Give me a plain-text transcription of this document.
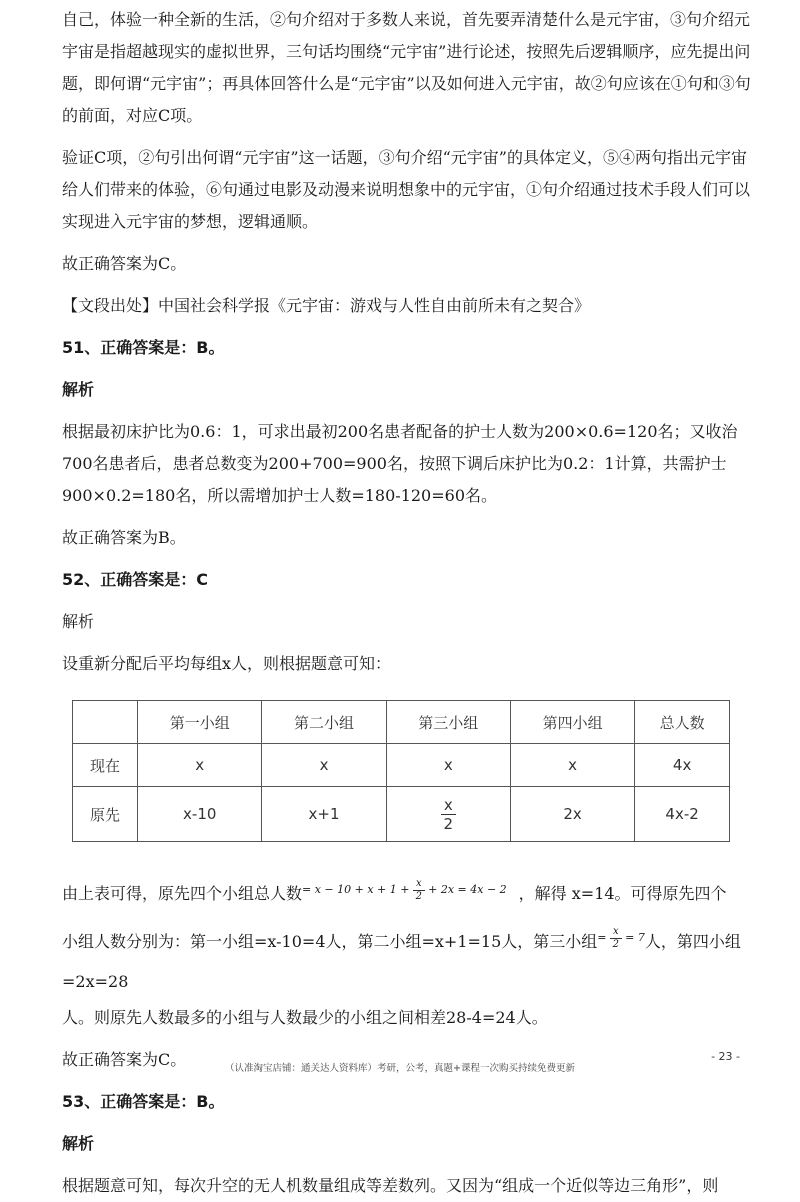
自己，体验一种全新的生活，②句介绍对于多数人来说，首先要弄清楚什么是元宇宙，③句介绍元宇宙是指超越现实的虚拟世界，三句话均围绕“元宇宙”进行论述，按照先后逻辑顺序，应先提出问题，即何谓“元宇宙”；再具体回答什么是“元宇宙”以及如何进入元宇宙，故②句应该在①句和③句的前面，对应C项。

验证C项，②句引出何谓“元宇宙”这一话题，③句介绍“元宇宙”的具体定义，⑤④两句指出元宇宙给人们带来的体验，⑥句通过电影及动漫来说明想象中的元宇宙，①句介绍通过技术手段人们可以实现进入元宇宙的梦想，逻辑通顺。

故正确答案为C。

【文段出处】中国社会科学报《元宇宙：游戏与人性自由前所未有之契合》

51、正确答案是：B。

解析

根据最初床护比为0.6：1，可求出最初200名患者配备的护士人数为200×0.6=120名；又收治700名患者后，患者总数变为200+700=900名，按照下调后床护比为0.2：1计算，共需护士900×0.2=180名，所以需增加护士人数=180-120=60名。

故正确答案为B。

52、正确答案是：C

解析

设重新分配后平均每组x人，则根据题意可知：

	第一小组	第二小组	第三小组	第四小组	总人数
现在	x	x	x	x	4x
原先	x-10	x+1	$\frac{x}{2}$	2x	4x-2

由上表可得，原先四个小组总人数$^{= x - 10 + x + 1 + \frac{x}{2} + 2x = 4x - 2}$ ，解得 x=14。可得原先四个

小组人数分别为：第一小组=x-10=4人，第二小组=x+1=15人，第三小组$^{= \frac{x}{2} = 7}$人，第四小组=2x=28

人。则原先人数最多的小组与人数最少的小组之间相差28-4=24人。

故正确答案为C。

53、正确答案是：B。

解析

根据题意可知，每次升空的无人机数量组成等差数列。又因为“组成一个近似等边三角形”，则

- 23 -
（认准淘宝店铺：通关达人资料库）考研，公考，真题+课程一次购买持续免费更新
